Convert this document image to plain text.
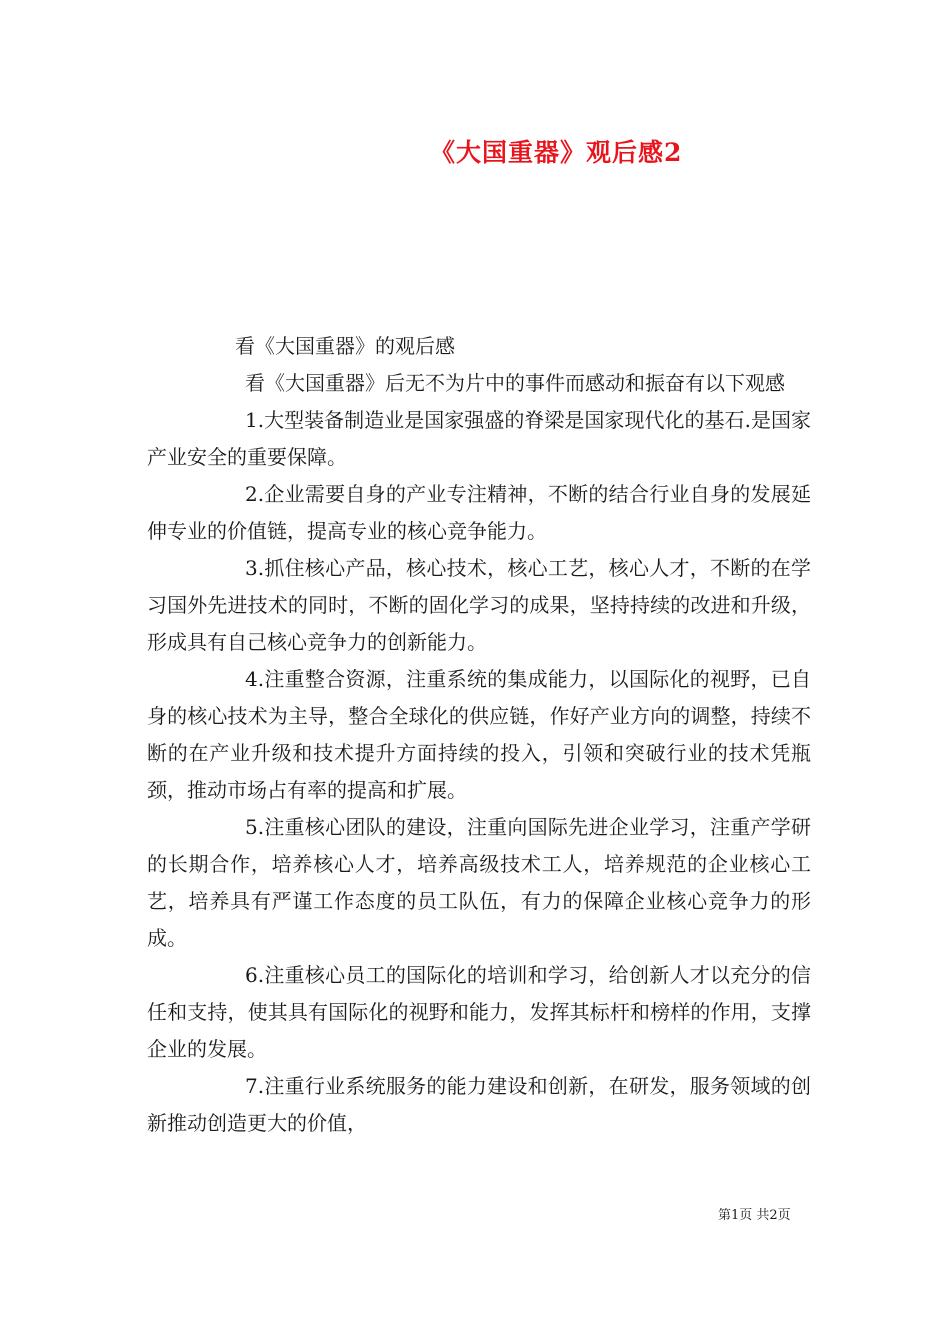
《大国重器》观后感2

看《大国重器》的观后感

看《大国重器》后无不为片中的事件而感动和振奋有以下观感

1.大型装备制造业是国家强盛的脊梁是国家现代化的基石.是国家产业安全的重要保障。

2.企业需要自身的产业专注精神，不断的结合行业自身的发展延伸专业的价值链，提高专业的核心竞争能力。

3.抓住核心产品，核心技术，核心工艺，核心人才，不断的在学习国外先进技术的同时，不断的固化学习的成果，坚持持续的改进和升级，形成具有自己核心竞争力的创新能力。

4.注重整合资源，注重系统的集成能力，以国际化的视野，已自身的核心技术为主导，整合全球化的供应链，作好产业方向的调整，持续不断的在产业升级和技术提升方面持续的投入，引领和突破行业的技术凭瓶颈，推动市场占有率的提高和扩展。

5.注重核心团队的建设，注重向国际先进企业学习，注重产学研的长期合作，培养核心人才，培养高级技术工人，培养规范的企业核心工艺，培养具有严谨工作态度的员工队伍，有力的保障企业核心竞争力的形成。

6.注重核心员工的国际化的培训和学习，给创新人才以充分的信任和支持，使其具有国际化的视野和能力，发挥其标杆和榜样的作用，支撑企业的发展。

7.注重行业系统服务的能力建设和创新，在研发，服务领域的创新推动创造更大的价值，

第1页 共2页
